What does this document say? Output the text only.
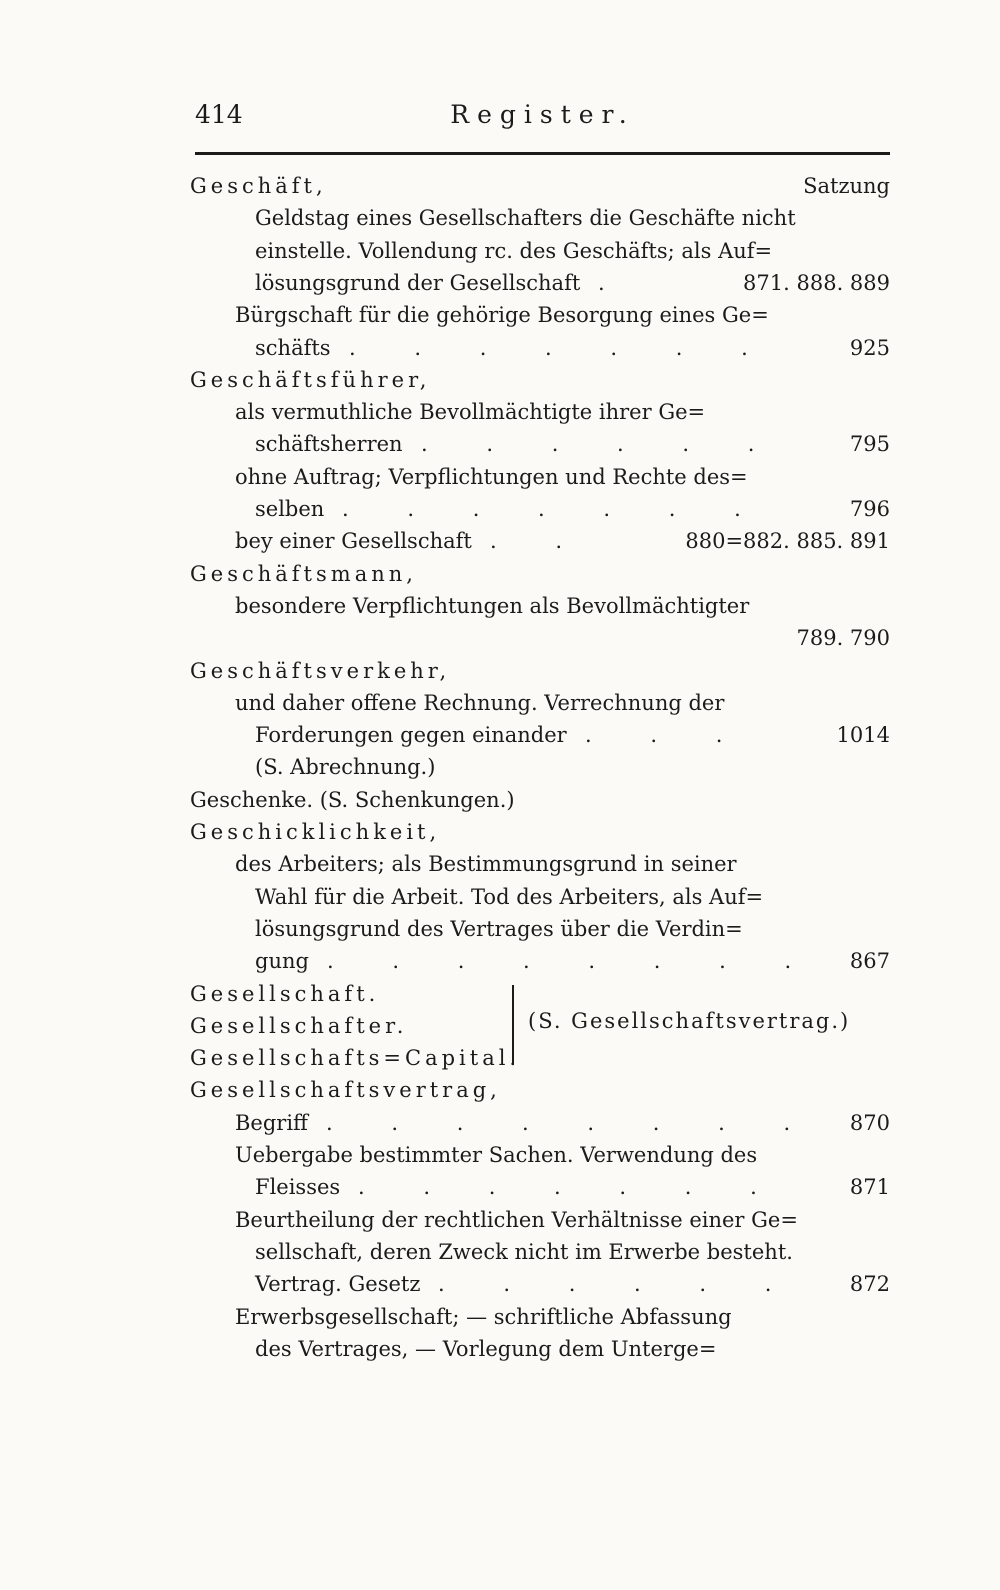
414	Register.
Geschäft,	Satzung
Geldstag eines Gesellschafters die Geschäfte nicht
einstelle. Vollendung rc. des Geschäfts; als Auf=
lösungsgrund der Gesellschaft .	871. 888. 889
Bürgschaft für die gehörige Besorgung eines Ge=
schäfts . . . . . . .	925
Geschäftsführer,
als vermuthliche Bevollmächtigte ihrer Ge=
schäftsherren . . . . . .	795
ohne Auftrag; Verpflichtungen und Rechte des=
selben . . . . . . .	796
bey einer Gesellschaft . .	880=882. 885. 891
Geschäftsmann,
besondere Verpflichtungen als Bevollmächtigter
789. 790
Geschäftsverkehr,
und daher offene Rechnung. Verrechnung der
Forderungen gegen einander . . .	1014
(S. Abrechnung.)
Geschenke. (S. Schenkungen.)
Geschicklichkeit,
des Arbeiters; als Bestimmungsgrund in seiner
Wahl für die Arbeit. Tod des Arbeiters, als Auf=
lösungsgrund des Vertrages über die Verdin=
gung . . . . . . . .	867
Gesellschaft.
Gesellschafter.
Gesellschafts=Capital.
Gesellschaftsvertrag,
Begriff . . . . . . . .	870
Uebergabe bestimmter Sachen. Verwendung des
Fleisses . . . . . . .	871
Beurtheilung der rechtlichen Verhältnisse einer Ge=
sellschaft, deren Zweck nicht im Erwerbe besteht.
Vertrag. Gesetz . . . . . .	872
Erwerbsgesellschaft; — schriftliche Abfassung
des Vertrages, — Vorlegung dem Unterge=
(S. Gesellschaftsvertrag.)
